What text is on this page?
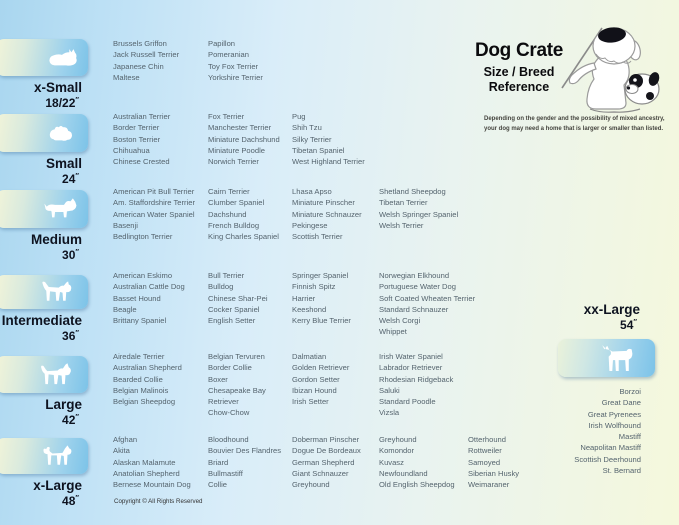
x-Small
18/22″
Small
24″
Medium
30″
Intermediate
36″
Large
42″
x-Large
48″
Brussels Griffon
Jack Russell Terrier
Japanese Chin
Maltese
Papillon
Pomeranian
Toy Fox Terrier
Yorkshire Terrier
Australian Terrier
Border Terrier
Boston Terrier
Chihuahua
Chinese Crested
Fox Terrier
Manchester Terrier
Miniature Dachshund
Miniature Poodle
Norwich Terrier
Pug
Shih Tzu
Silky Terrier
Tibetan Spaniel
West Highland Terrier
American Pit Bull Terrier
Am. Staffordshire Terrier
American Water Spaniel
Basenji
Bedlington Terrier
Cairn Terrier
Clumber Spaniel
Dachshund
French Bulldog
King Charles Spaniel
Lhasa Apso
Miniature Pinscher
Miniature Schnauzer
Pekingese
Scottish Terrier
Shetland Sheepdog
Tibetan Terrier
Welsh Springer Spaniel
Welsh Terrier
American Eskimo
Australian Cattle Dog
Basset Hound
Beagle
Brittany Spaniel
Bull Terrier
Bulldog
Chinese Shar-Pei
Cocker Spaniel
English Setter
Springer Spaniel
Finnish Spitz
Harrier
Keeshond
Kerry Blue Terrier
Norwegian Elkhound
Portuguese Water Dog
Soft Coated Wheaten Terrier
Standard Schnauzer
Welsh Corgi
Whippet
Airedale Terrier
Australian Shepherd
Bearded Collie
Belgian Malinois
Belgian Sheepdog
Belgian Tervuren
Border Collie
Boxer
Chesapeake Bay Retriever
Chow-Chow
Dalmatian
Golden Retriever
Gordon Setter
Ibizan Hound
Irish Setter
Irish Water Spaniel
Labrador Retriever
Rhodesian Ridgeback
Saluki
Standard Poodle
Vizsla
Afghan
Akita
Alaskan Malamute
Anatolian Shepherd
Bernese Mountain Dog
Bloodhound
Bouvier Des Flandres
Briard
Bullmastiff
Collie
Doberman Pinscher
Dogue De Bordeaux
German Shepherd
Giant Schnauzer
Greyhound
Greyhound
Komondor
Kuvasz
Newfoundland
Old English Sheepdog
Otterhound
Rottweiler
Samoyed
Siberian Husky
Weimaraner
Dog Crate
Size / Breed
Reference
Depending on the gender and the possibility of mixed ancestry,
your dog may need a home that is larger or smaller than listed.
xx-Large
54″
Borzoi
Great Dane
Great Pyrenees
Irish Wolfhound
Mastiff
Neapolitan Mastiff
Scottish Deerhound
St. Bernard
Copyright © All Rights Reserved
